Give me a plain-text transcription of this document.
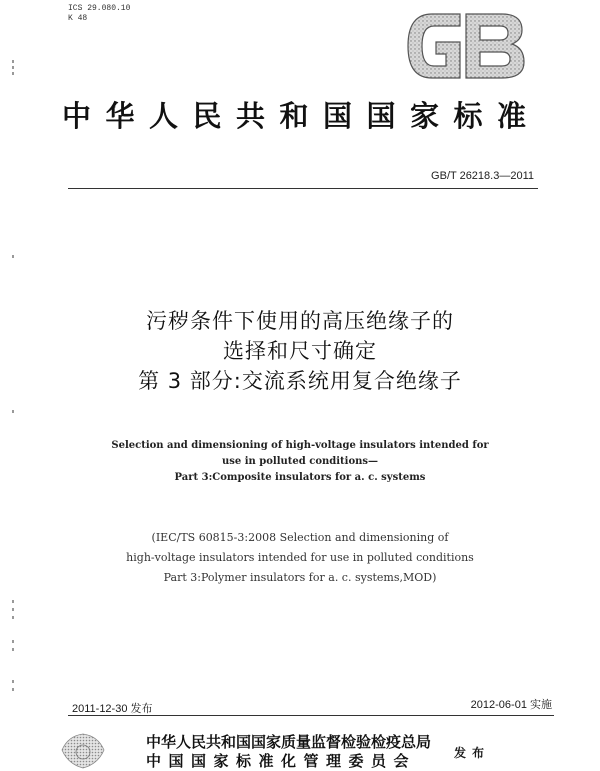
ICS 29.080.10
K 48
中华人民共和国国家标准
GB/T 26218.3—2011
污秽条件下使用的高压绝缘子的
选择和尺寸确定
第 3 部分:交流系统用复合绝缘子
Selection and dimensioning of high-voltage insulators intended for
use in polluted conditions—
Part 3:Composite insulators for a. c. systems
(IEC/TS 60815-3:2008 Selection and dimensioning of
high-voltage insulators intended for use in polluted conditions
Part 3:Polymer insulators for a. c. systems,MOD)
2011-12-30 发布	2012-06-01 实施
中华人民共和国国家质量监督检验检疫总局
中国国家标准化管理委员会	发布
